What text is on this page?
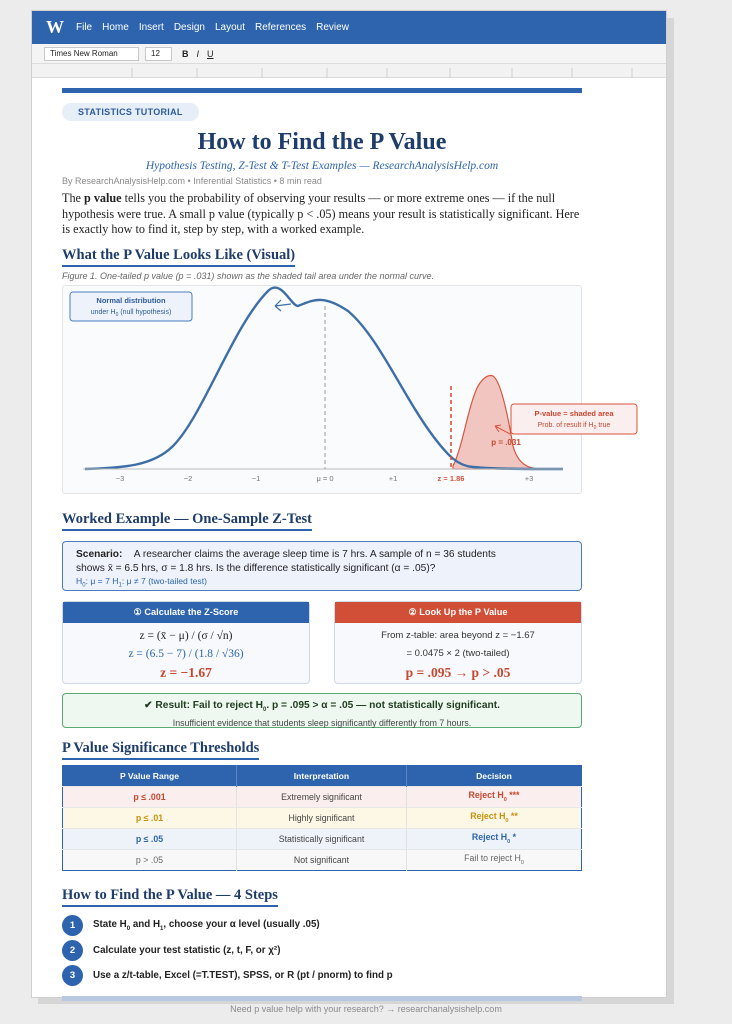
W File Home Insert Design Layout References Review
Times New Roman	12	B I U
STATISTICS TUTORIAL
How to Find the P Value
Hypothesis Testing, Z-Test & T-Test Examples — ResearchAnalysisHelp.com
By ResearchAnalysisHelp.com • Inferential Statistics • 8 min read

The p value tells you the probability of observing your results — or more extreme ones — if the null hypothesis were true. A small p value (typically p < .05) means your result is statistically significant. Here is exactly how to find it, step by step, with a worked example.

What the P Value Looks Like (Visual)
Figure 1. One-tailed p value (p = .031) shown as the shaded tail area under the normal curve.
−3	−2	−1	μ = 0	+1	z = 1.86	+3
Normal distribution
under $H_0$ (null hypothesis)
p = .031
P-value = shaded area
Prob. of result if $H_0$ true
Worked Example — One-Sample Z-Test
Scenario: A researcher claims the average sleep time is 7 hrs. A sample of n = 36 students
shows x̄ = 6.5 hrs, σ = 1.8 hrs. Is the difference statistically significant (α = .05)?
$H_0$: μ = 7 $H_1$: μ ≠ 7 (two-tailed test)
① Calculate the Z-Score
z = (x̄ − μ) / (σ / √n)
z = (6.5 − 7) / (1.8 / √36)
z = −1.67
② Look Up the P Value
From z-table: area beyond z = −1.67
= 0.0475 × 2 (two-tailed)
p = .095 → p > .05
✔ Result: Fail to reject $H_0$. p = .095 > α = .05 — not statistically significant.
Insufficient evidence that students sleep significantly differently from 7 hours.
P Value Significance Thresholds
P Value Range	Interpretation	Decision
p ≤ .001	Extremely significant	Reject $H_0$ ***
p ≤ .01	Highly significant	Reject $H_0$ **
p ≤ .05	Statistically significant	Reject $H_0$ *
p > .05	Not significant	Fail to reject $H_0$
How to Find the P Value — 4 Steps
1	State $H_0$ and $H_1$, choose your α level (usually .05)
2	Calculate your test statistic (z, t, F, or χ²)
3	Use a z/t-table, Excel (=T.TEST), SPSS, or R (pt / pnorm) to find p
Need p value help with your research? → researchanalysishelp.com
